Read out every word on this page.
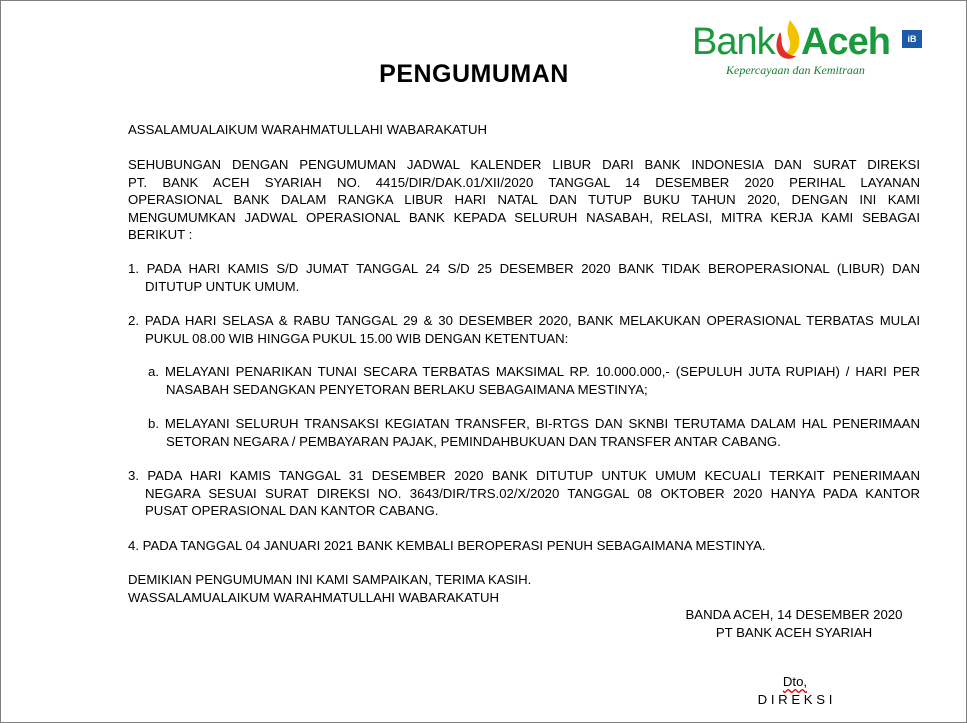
Bank Aceh	iB
Kepercayaan dan Kemitraan
PENGUMUMAN
ASSALAMUALAIKUM WARAHMATULLAHI WABARAKATUH
SEHUBUNGAN DENGAN PENGUMUMAN JADWAL KALENDER LIBUR DARI BANK INDONESIA DAN SURAT DIREKSI
PT. BANK ACEH SYARIAH NO. 4415/DIR/DAK.01/XII/2020 TANGGAL 14 DESEMBER 2020 PERIHAL LAYANAN
OPERASIONAL BANK DALAM RANGKA LIBUR HARI NATAL DAN TUTUP BUKU TAHUN 2020, DENGAN INI KAMI
MENGUMUMKAN JADWAL OPERASIONAL BANK KEPADA SELURUH NASABAH, RELASI, MITRA KERJA KAMI SEBAGAI
BERIKUT :
1. PADA HARI KAMIS S/D JUMAT TANGGAL 24 S/D 25 DESEMBER 2020 BANK TIDAK BEROPERASIONAL (LIBUR) DAN
DITUTUP UNTUK UMUM.
2. PADA HARI SELASA & RABU TANGGAL 29 & 30 DESEMBER 2020, BANK MELAKUKAN OPERASIONAL TERBATAS MULAI
PUKUL 08.00 WIB HINGGA PUKUL 15.00 WIB DENGAN KETENTUAN:
a. MELAYANI PENARIKAN TUNAI SECARA TERBATAS MAKSIMAL RP. 10.000.000,- (SEPULUH JUTA RUPIAH) / HARI PER
NASABAH SEDANGKAN PENYETORAN BERLAKU SEBAGAIMANA MESTINYA;
b. MELAYANI SELURUH TRANSAKSI KEGIATAN TRANSFER, BI-RTGS DAN SKNBI TERUTAMA DALAM HAL PENERIMAAN
SETORAN NEGARA / PEMBAYARAN PAJAK, PEMINDAHBUKUAN DAN TRANSFER ANTAR CABANG.
3. PADA HARI KAMIS TANGGAL 31 DESEMBER 2020 BANK DITUTUP UNTUK UMUM KECUALI TERKAIT PENERIMAAN
NEGARA SESUAI SURAT DIREKSI NO. 3643/DIR/TRS.02/X/2020 TANGGAL 08 OKTOBER 2020 HANYA PADA KANTOR
PUSAT OPERASIONAL DAN KANTOR CABANG.
4. PADA TANGGAL 04 JANUARI 2021 BANK KEMBALI BEROPERASI PENUH SEBAGAIMANA MESTINYA.
DEMIKIAN PENGUMUMAN INI KAMI SAMPAIKAN, TERIMA KASIH.
WASSALAMUALAIKUM WARAHMATULLAHI WABARAKATUH
BANDA ACEH, 14 DESEMBER 2020
PT BANK ACEH SYARIAH
Dto,
D I R E K S I
